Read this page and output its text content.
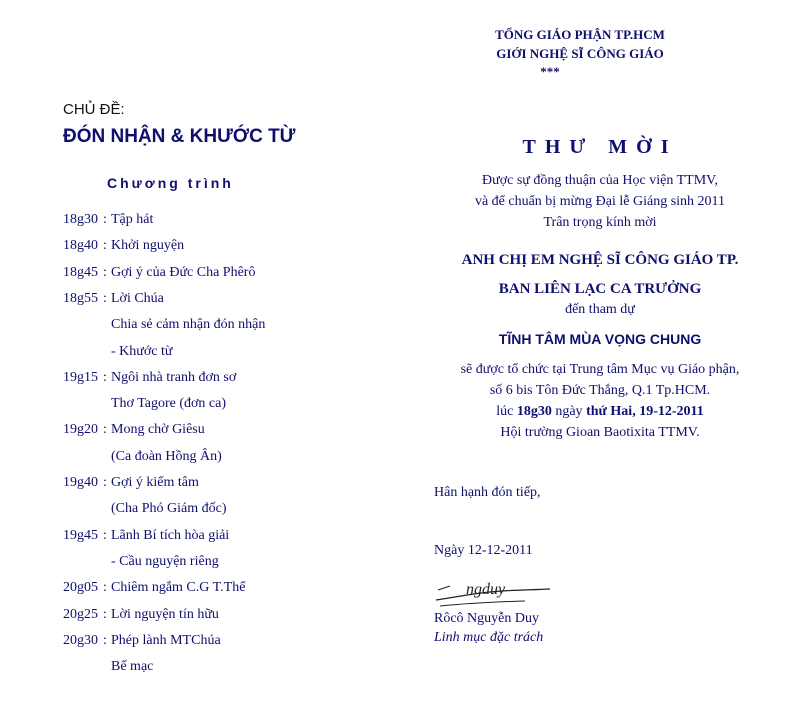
CHỦ ĐỀ:
ĐÓN NHẬN & KHƯỚC TỪ
Chương trình
18g30 : Tập hát
18g40 : Khởi nguyện
18g45 : Gợi ý của Đức Cha Phêrô
18g55 : Lời Chúa
Chia sẻ cảm nhận đón nhận
- Khước từ
19g15 : Ngôi nhà tranh đơn sơ
Thơ Tagore (đơn ca)
19g20 : Mong chờ Giêsu
(Ca đoàn Hồng Ân)
19g40 : Gợi ý kiểm tâm
(Cha Phó Giám đốc)
19g45 : Lãnh Bí tích hòa giải
- Cầu nguyện riêng
20g05 : Chiêm ngắm C.G T.Thể
20g25 : Lời nguyện tín hữu
20g30 : Phép lành MTChúa
Bế mạc
TỔNG GIÁO PHẬN TP.HCM
GIỚI NGHỆ SĨ CÔNG GIÁO
***
THƯ MỜI
Được sự đồng thuận của Học viện TTMV,
và để chuẩn bị mừng Đại lễ Giáng sinh 2011
Trân trọng kính mời
ANH CHỊ EM NGHỆ SĨ CÔNG GIÁO TP.
BAN LIÊN LẠC CA TRƯỞNG
đến tham dự
TĨNH TÂM MÙA VỌNG CHUNG
sẽ được tổ chức tại Trung tâm Mục vụ Giáo phận,
số 6 bis Tôn Đức Thắng, Q.1 Tp.HCM.
lúc 18g30 ngày thứ Hai, 19-12-2011
Hội trường Gioan Baotixita TTMV.
Hân hạnh đón tiếp,
Ngày 12-12-2011
ngduy
Rôcô Nguyễn Duy
Linh mục đặc trách
